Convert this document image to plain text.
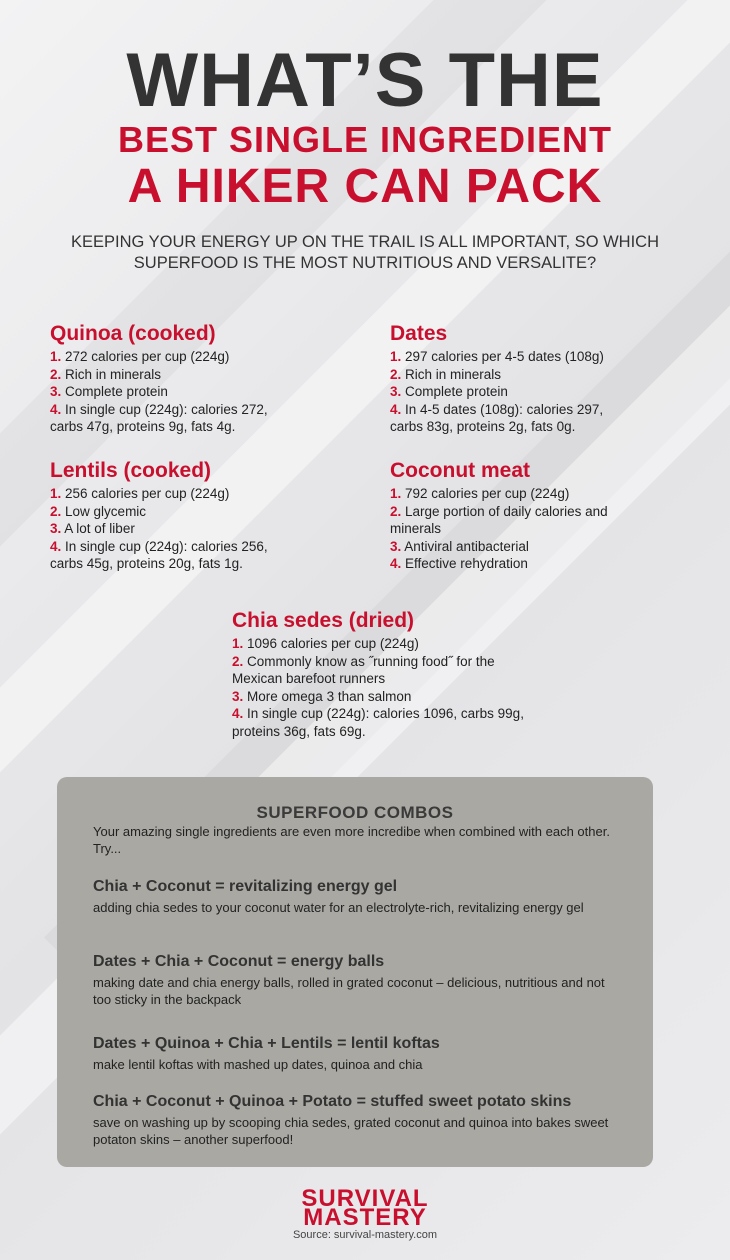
WHAT’S THE
BEST SINGLE INGREDIENT
A HIKER CAN PACK
KEEPING YOUR ENERGY UP ON THE TRAIL IS ALL IMPORTANT, SO WHICH SUPERFOOD IS THE MOST NUTRITIOUS AND VERSALITE?
Quinoa (cooked)
1. 272 calories per cup (224g)
2. Rich in minerals
3. Complete protein
4. In single cup (224g): calories 272, carbs 47g, proteins 9g, fats 4g.
Dates
1. 297 calories per 4-5 dates (108g)
2. Rich in minerals
3. Complete protein
4. In 4-5 dates (108g): calories 297, carbs 83g, proteins 2g, fats 0g.
Lentils (cooked)
1. 256 calories per cup (224g)
2. Low glycemic
3. A lot of liber
4. In single cup (224g): calories 256, carbs 45g, proteins 20g, fats 1g.
Coconut meat
1. 792 calories per cup (224g)
2. Large portion of daily calories and minerals
3. Antiviral antibacterial
4. Effective rehydration
Chia sedes (dried)
1. 1096 calories per cup (224g)
2. Commonly know as ˝running food˝ for the Mexican barefoot runners
3. More omega 3 than salmon
4. In single cup (224g): calories 1096, carbs 99g, proteins 36g, fats 69g.
SUPERFOOD COMBOS
Your amazing single ingredients are even more incredibe when combined with each other. Try...
Chia + Coconut = revitalizing energy gel
adding chia sedes to your coconut water for an electrolyte-rich, revitalizing energy gel
Dates + Chia + Coconut = energy balls
making date and chia energy balls, rolled in grated coconut – delicious, nutritious and not too sticky in the backpack
Dates + Quinoa + Chia + Lentils = lentil koftas
make lentil koftas with mashed up dates, quinoa and chia
Chia + Coconut + Quinoa + Potato = stuffed sweet potato skins
save on washing up by scooping chia sedes, grated coconut and quinoa into bakes sweet potaton skins – another superfood!
SURVIVAL
MASTERY
Source: survival-mastery.com
